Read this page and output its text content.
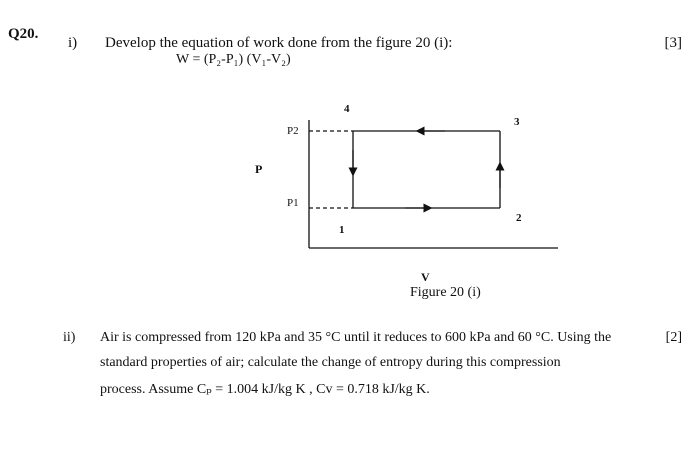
Q20.
i) Develop the equation of work done from the figure 20 (i):	[3]
W = (P₂-P₁) (V₁-V₂)
P
P2
P1
4
3
2
1
V
Figure 20 (i)
ii)	[2]
Air is compressed from 120 kPa and 35 °C until it reduces to 600 kPa and 60 °C. Using the
standard properties of air; calculate the change of entropy during this compression
process. Assume Cₚ = 1.004 kJ/kg K , Cv = 0.718 kJ/kg K.
